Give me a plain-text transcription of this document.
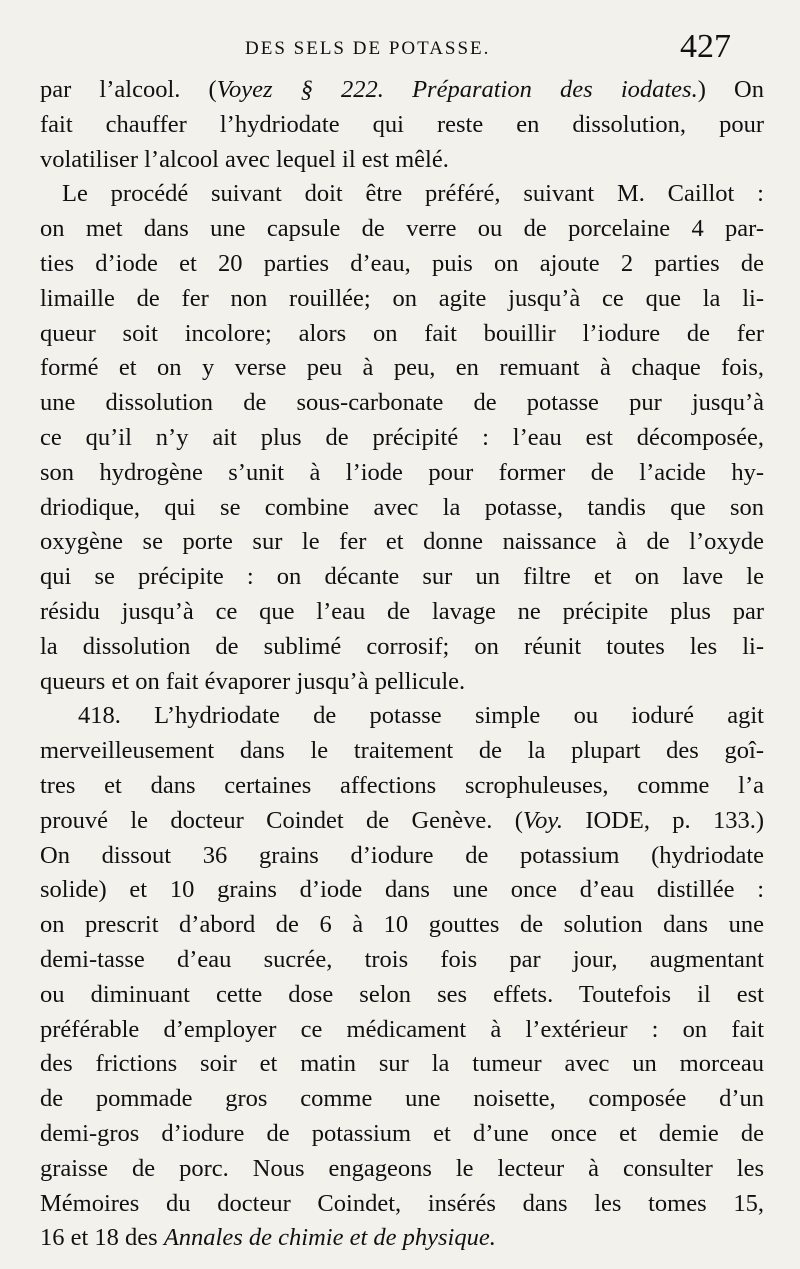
DES SELS DE POTASSE.	427
par l’alcool. (Voyez § 222. Préparation des iodates.) On
fait chauffer l’hydriodate qui reste en dissolution, pour
volatiliser l’alcool avec lequel il est mêlé.
Le procédé suivant doit être préféré, suivant M. Caillot :
on met dans une capsule de verre ou de porcelaine 4 par-
ties d’iode et 20 parties d’eau, puis on ajoute 2 parties de
limaille de fer non rouillée; on agite jusqu’à ce que la li-
queur soit incolore; alors on fait bouillir l’iodure de fer
formé et on y verse peu à peu, en remuant à chaque fois,
une dissolution de sous-carbonate de potasse pur jusqu’à
ce qu’il n’y ait plus de précipité : l’eau est décomposée,
son hydrogène s’unit à l’iode pour former de l’acide hy-
driodique, qui se combine avec la potasse, tandis que son
oxygène se porte sur le fer et donne naissance à de l’oxyde
qui se précipite : on décante sur un filtre et on lave le
résidu jusqu’à ce que l’eau de lavage ne précipite plus par
la dissolution de sublimé corrosif; on réunit toutes les li-
queurs et on fait évaporer jusqu’à pellicule.
418. L’hydriodate de potasse simple ou ioduré agit
merveilleusement dans le traitement de la plupart des goî-
tres et dans certaines affections scrophuleuses, comme l’a
prouvé le docteur Coindet de Genève. (Voy. IODE, p. 133.)
On dissout 36 grains d’iodure de potassium (hydriodate
solide) et 10 grains d’iode dans une once d’eau distillée :
on prescrit d’abord de 6 à 10 gouttes de solution dans une
demi-tasse d’eau sucrée, trois fois par jour, augmentant
ou diminuant cette dose selon ses effets. Toutefois il est
préférable d’employer ce médicament à l’extérieur : on fait
des frictions soir et matin sur la tumeur avec un morceau
de pommade gros comme une noisette, composée d’un
demi-gros d’iodure de potassium et d’une once et demie de
graisse de porc. Nous engageons le lecteur à consulter les
Mémoires du docteur Coindet, insérés dans les tomes 15,
16 et 18 des Annales de chimie et de physique.
